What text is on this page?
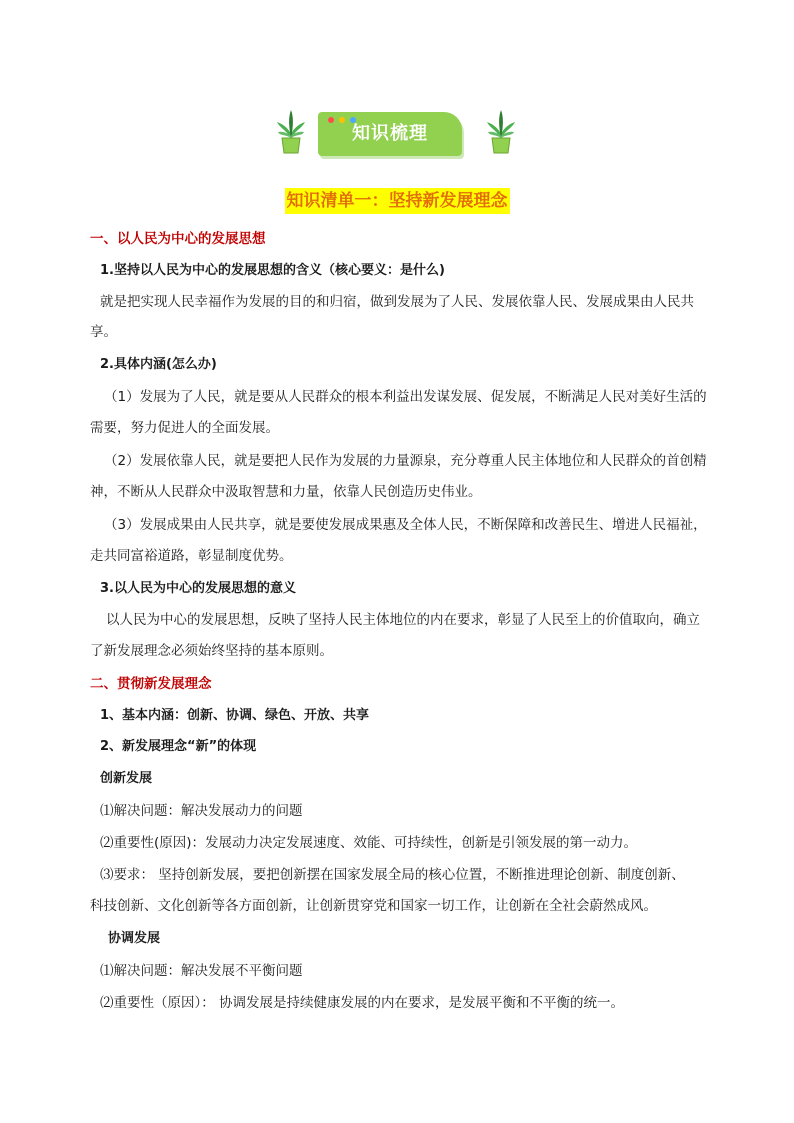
知识梳理
知识清单一：坚持新发展理念
一、以人民为中心的发展思想
1.坚持以人民为中心的发展思想的含义（核心要义：是什么)
就是把实现人民幸福作为发展的目的和归宿，做到发展为了人民、发展依靠人民、发展成果由人民共
享。
2.具体内涵(怎么办)
（1）发展为了人民，就是要从人民群众的根本利益出发谋发展、促发展，不断满足人民对美好生活的
需要，努力促进人的全面发展。
（2）发展依靠人民，就是要把人民作为发展的力量源泉，充分尊重人民主体地位和人民群众的首创精
神，不断从人民群众中汲取智慧和力量，依靠人民创造历史伟业。
（3）发展成果由人民共享，就是要使发展成果惠及全体人民，不断保障和改善民生、增进人民福祉，
走共同富裕道路，彰显制度优势。
3.以人民为中心的发展思想的意义
以人民为中心的发展思想，反映了坚持人民主体地位的内在要求，彰显了人民至上的价值取向，确立
了新发展理念必须始终坚持的基本原则。
二、贯彻新发展理念
1、基本内涵：创新、协调、绿色、开放、共享
2、新发展理念“新”的体现
创新发展
⑴解决问题：解决发展动力的问题
⑵重要性(原因)：发展动力决定发展速度、效能、可持续性，创新是引领发展的第一动力。
⑶要求： 坚持创新发展，要把创新摆在国家发展全局的核心位置，不断推进理论创新、制度创新、
科技创新、文化创新等各方面创新，让创新贯穿党和国家一切工作，让创新在全社会蔚然成风。
协调发展
⑴解决问题：解决发展不平衡问题
⑵重要性（原因）： 协调发展是持续健康发展的内在要求，是发展平衡和不平衡的统一。
